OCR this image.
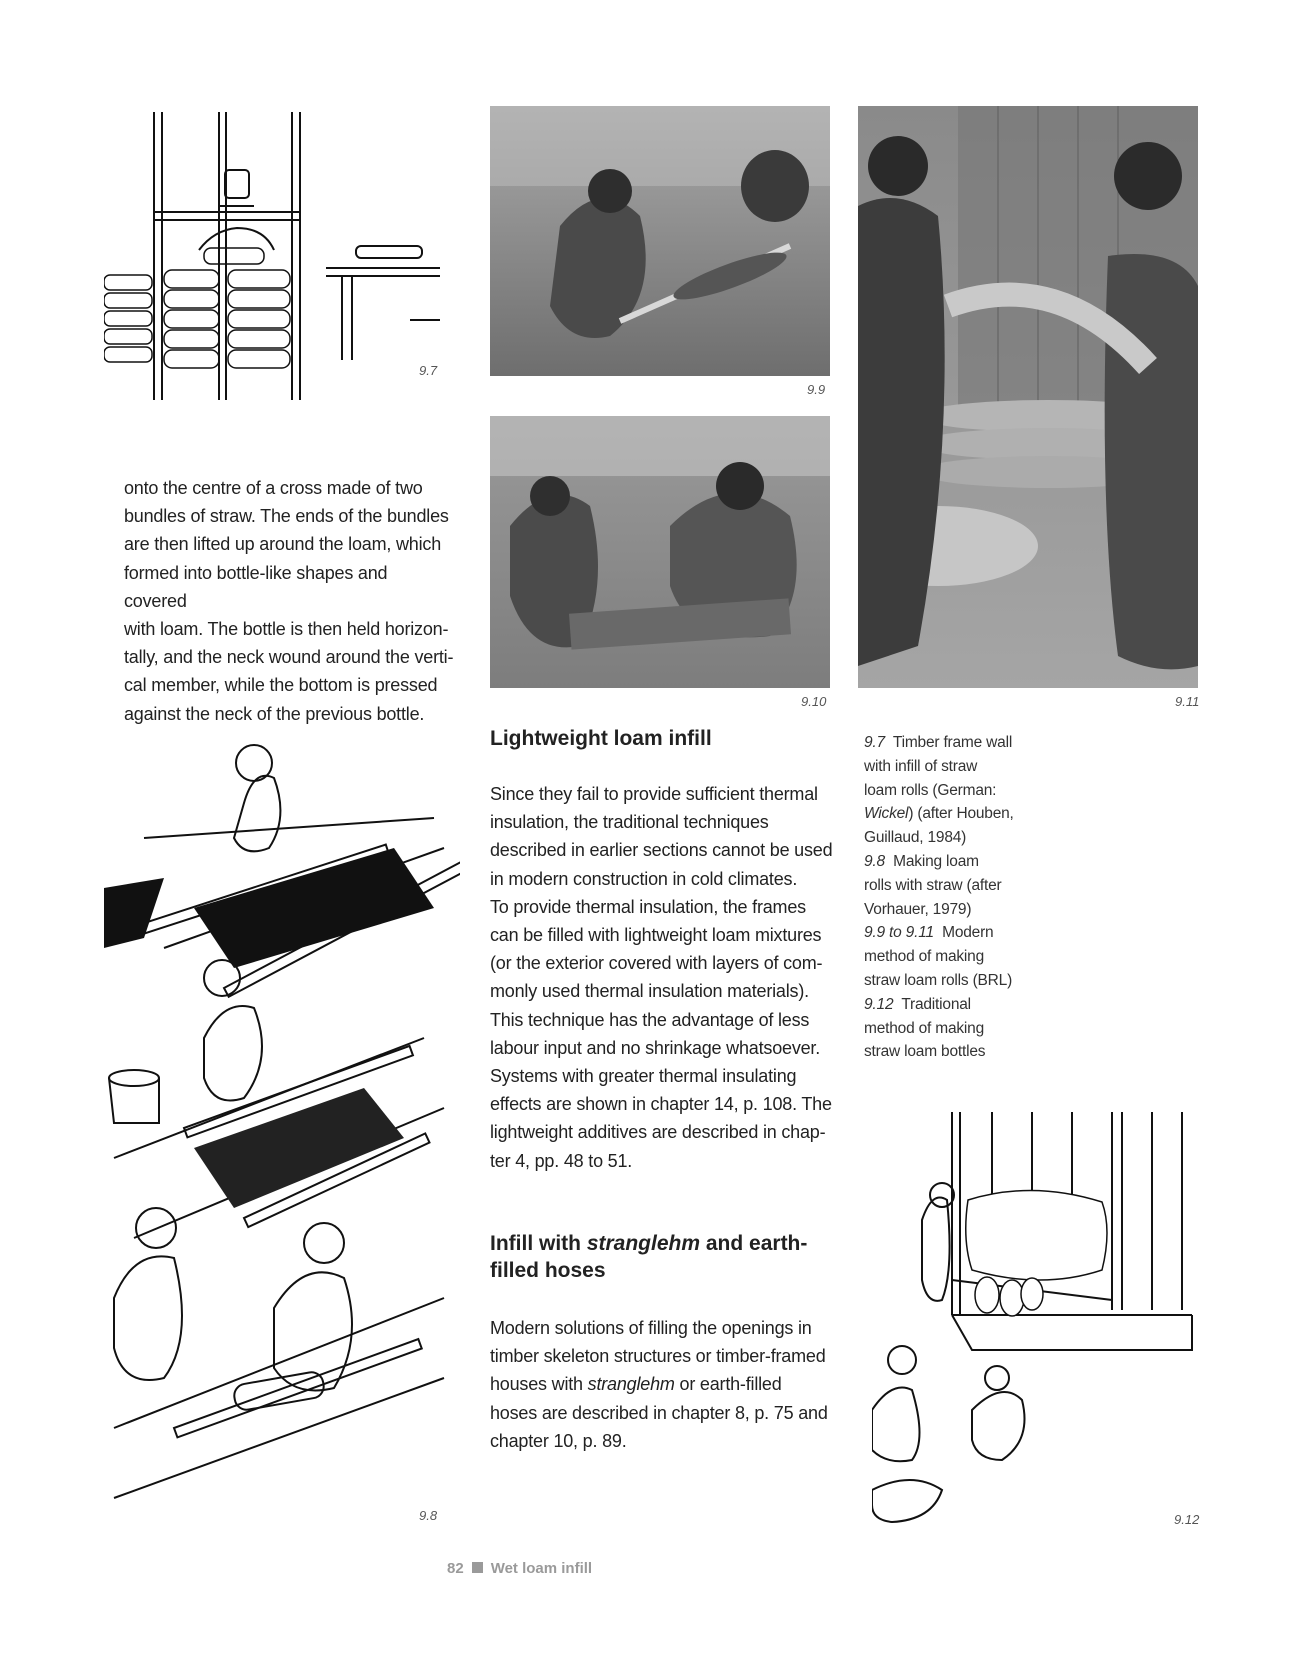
9.7
9.9
9.10	9.11
onto the centre of a cross made of two
bundles of straw. The ends of the bundles
are then lifted up around the loam, which
formed into bottle-like shapes and covered
with loam. The bottle is then held horizon-
tally, and the neck wound around the verti-
cal member, while the bottom is pressed
against the neck of the previous bottle.
Lightweight loam infill
Since they fail to provide sufficient thermal
insulation, the traditional techniques
described in earlier sections cannot be used
in modern construction in cold climates.
To provide thermal insulation, the frames
can be filled with lightweight loam mixtures
(or the exterior covered with layers of com-
monly used thermal insulation materials).
This technique has the advantage of less
labour input and no shrinkage whatsoever.
Systems with greater thermal insulating
effects are shown in chapter 14, p. 108. The
lightweight additives are described in chap-
ter 4, pp. 48 to 51.
Infill with stranglehm and earth-
filled hoses
Modern solutions of filling the openings in
timber skeleton structures or timber-framed
houses with stranglehm or earth-filled
hoses are described in chapter 8, p. 75 and
chapter 10, p. 89.
9.7 Timber frame wall
with infill of straw
loam rolls (German:
Wickel) (after Houben,
Guillaud, 1984)
9.8 Making loam
rolls with straw (after
Vorhauer, 1979)
9.9 to 9.11 Modern
method of making
straw loam rolls (BRL)
9.12 Traditional
method of making
straw loam bottles
9.8	9.12
82 Wet loam infill
